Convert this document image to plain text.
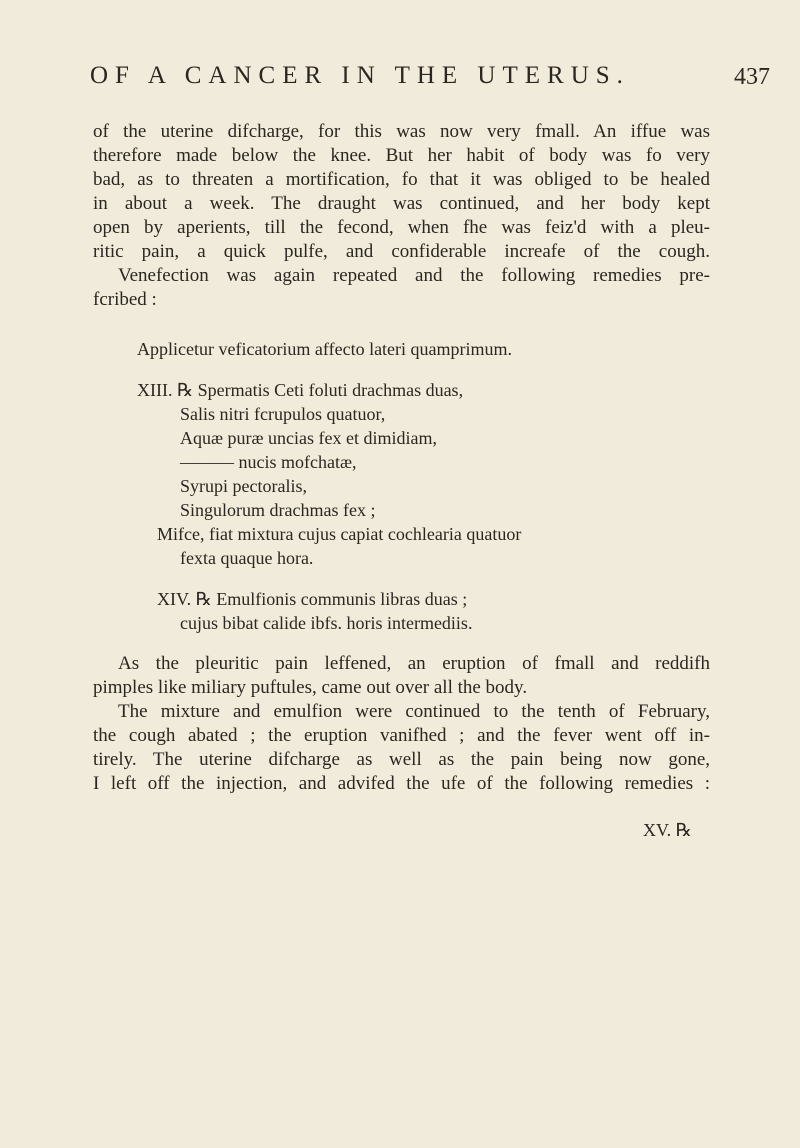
OF A CANCER IN THE UTERUS.	437
of the uterine difcharge, for this was now very fmall. An iffue was
therefore made below the knee. But her habit of body was fo very
bad, as to threaten a mortification, fo that it was obliged to be healed
in about a week. The draught was continued, and her body kept
open by aperients, till the fecond, when fhe was feiz'd with a pleu-
ritic pain, a quick pulfe, and confiderable increafe of the cough.
Venefection was again repeated and the following remedies pre-
fcribed :
Applicetur veficatorium affecto lateri quamprimum.
XIII. ℞ Spermatis Ceti foluti drachmas duas,
Salis nitri fcrupulos quatuor,
Aquæ puræ uncias fex et dimidiam,
——— nucis mofchatæ,
Syrupi pectoralis,
Singulorum drachmas fex ;
Mifce, fiat mixtura cujus capiat cochlearia quatuor
fexta quaque hora.
XIV. ℞ Emulfionis communis libras duas ;
cujus bibat calide ibfs. horis intermediis.
As the pleuritic pain leffened, an eruption of fmall and reddifh
pimples like miliary puftules, came out over all the body.
The mixture and emulfion were continued to the tenth of February,
the cough abated ; the eruption vanifhed ; and the fever went off in-
tirely. The uterine difcharge as well as the pain being now gone,
I left off the injection, and advifed the ufe of the following remedies :
XV. ℞
